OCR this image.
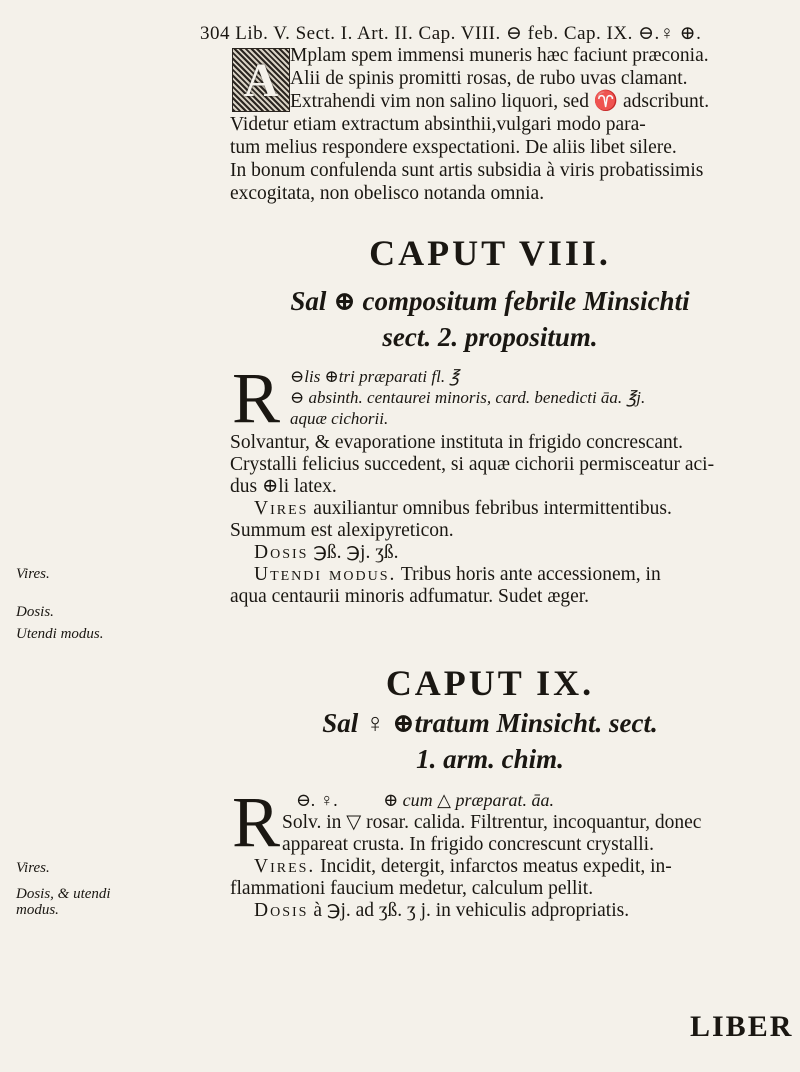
304 Lib. V. Sect. I. Art. II. Cap. VIII. ⊖ feb. Cap. IX. ⊖.♀ ⊕.
A Mplam spem immensi muneris hæc faciunt præconia.
Alii de spinis promitti rosas, de rubo uvas clamant.
Extrahendi vim non salino liquori, sed ♈ adscribunt.
Videtur etiam extractum absinthii,vulgari modo para-
tum melius respondere exspectationi. De aliis libet silere.
In bonum confulenda sunt artis subsidia à viris probatissimis
excogitata, non obelisco notanda omnia.
CAPUT VIII.
Sal ⊕ compositum febrile Minsichti
sect. 2. propositum.
R ⊖lis ⊕tri præparati fl. ℥
⊖ absinth. centaurei minoris, card. benedicti āa. ℥j.
aquæ cichorii.
Solvantur, & evaporatione instituta in frigido concrescant.
Crystalli felicius succedent, si aquæ cichorii permisceatur aci-
dus ⊕li latex.
Vires auxiliantur omnibus febribus intermittentibus.
Summum est alexipyreticon.
Dosis ℈ß. ℈j. ʒß.
Utendi modus. Tribus horis ante accessionem, in
aqua centaurii minoris adfumatur. Sudet æger.
CAPUT IX.
Sal ♀ ⊕tratum Minsicht. sect.
1. arm. chim.
R ⊖. ♀.          ⊕ cum △ præparat. āa.
Solv. in ▽ rosar. calida. Filtrentur, incoquantur, donec
appareat crusta. In frigido concrescunt crystalli.
Vires. Incidit, detergit, infarctos meatus expedit, in-
flammationi faucium medetur, calculum pellit.
Dosis à ℈j. ad ʒß. ʒ j. in vehiculis adpropriatis.
Vires.
Dosis.
Utendi modus.
Vires.
Dosis, & utendi modus.
LIBER
